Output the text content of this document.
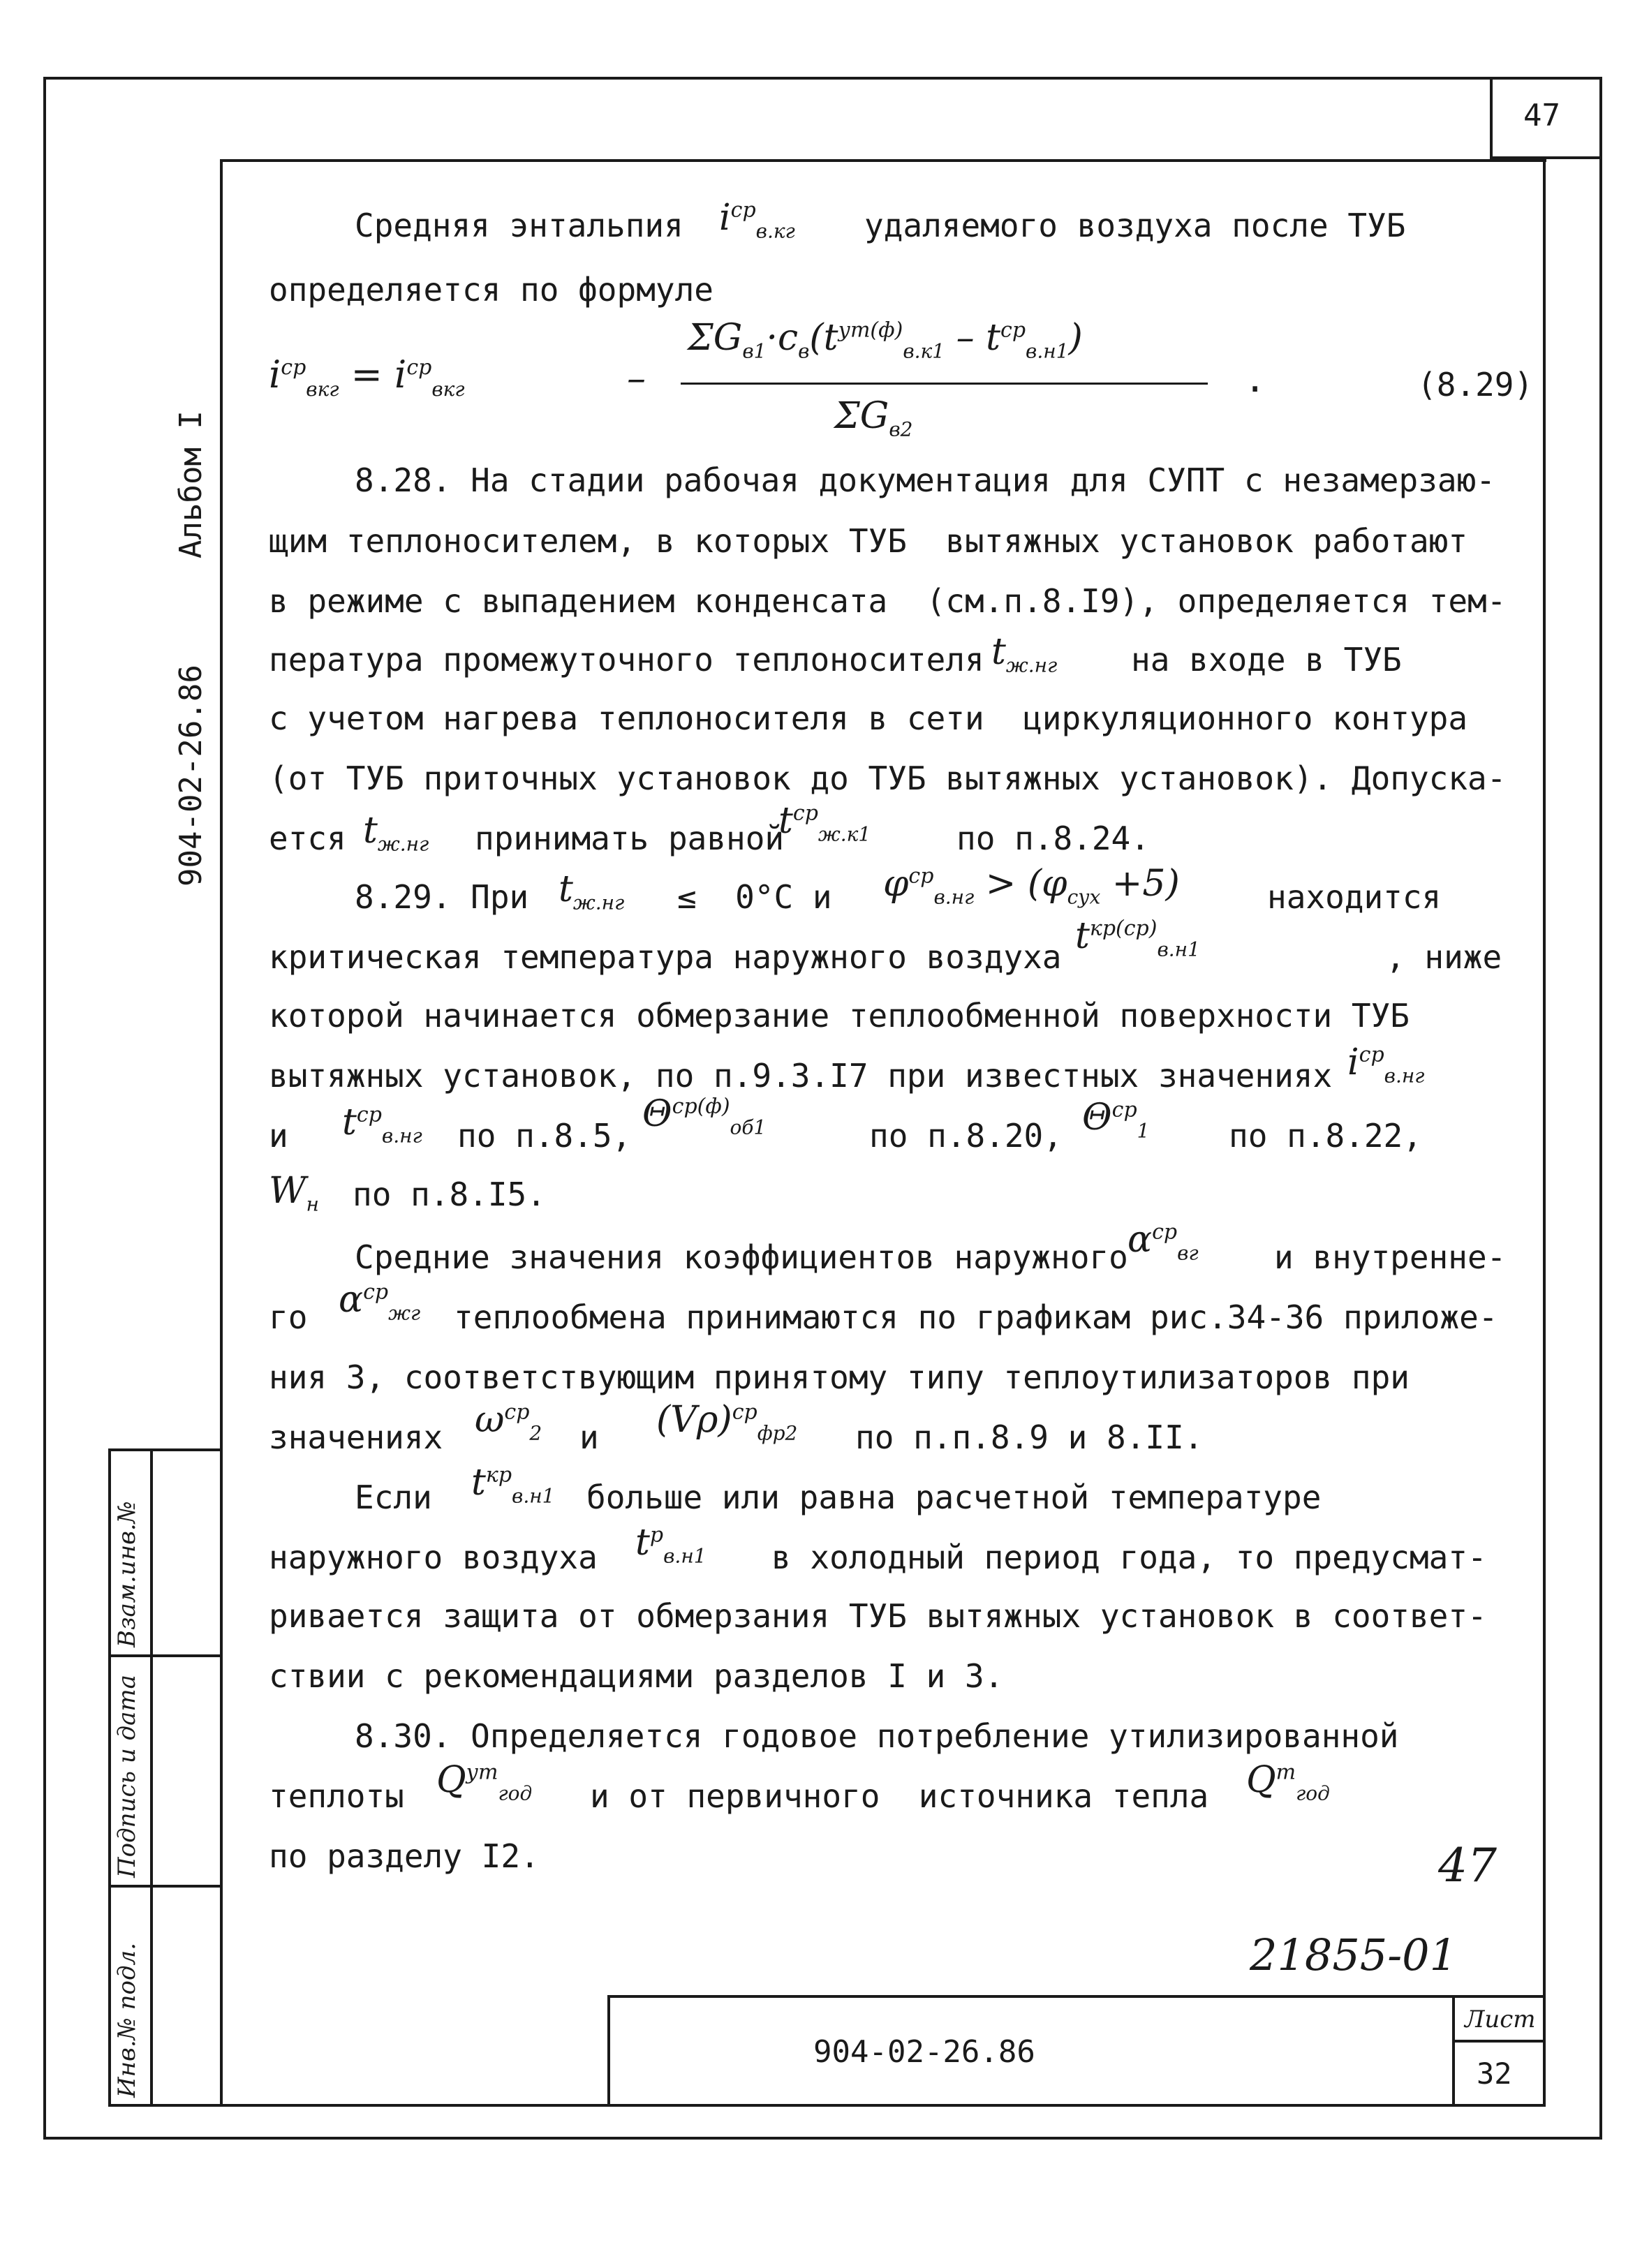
47
Альбом I
904-02-26.86
Инв.№ подл.
Подпись и дата
Взам.инв.№
Средняя энтальпия $i^{ср}_{в.кг}$ удаляемого воздуха после ТУБ
определяется по формуле
$i^{ср}_{вкг} = i^{ср}_{вкг}$	–
$\Sigma G_{в1}\cdot c_в(t^{ут(ф)}_{в.к1} - t^{ср}_{в.н1})$
$\Sigma G_{в2}$
.	(8.29)
8.28. На стадии рабочая документация для СУПТ с незамерзаю-
щим теплоносителем, в которых ТУБ  вытяжных установок работают
в режиме с выпадением конденсата  (см.п.8.I9), определяется тем-
пература промежуточного теплоносителя $t_{ж.нг}$ на входе в ТУБ
с учетом нагрева теплоносителя в сети  циркуляционного контура
(от ТУБ приточных установок до ТУБ вытяжных установок). Допуска-
ется $t_{ж.нг}$ принимать равной
$t^{ср}_{ж.к1}$	по п.8.24.
8.29. При $t_{ж.нг} \le 0^\circ С$ и $\varphi^{ср}_{в.нг} > (\varphi_{сух} +5)$	находится
критическая температура наружного воздуха $t^{кр(ср)}_{в.н1}$	, ниже
которой начинается обмерзание теплообменной поверхности ТУБ
вытяжных установок, по п.9.3.I7 при известных значениях $i^{ср}_{в.нг}$
и $t^{ср}_{в.нг}$ по п.8.5,
$\Theta^{ср(ф)}_{об1}$	по п.8.20, $\Theta^{ср}_1$ по п.8.22,
$W_н$ по п.8.I5.
Средние значения коэффициентов наружного $\alpha^{ср}_{вг}$ и внутренне-
го $\alpha^{ср}_{жг}$ теплообмена принимаются по графикам рис.34-36 приложе-
ния 3, соответствующим принятому типу теплоутилизаторов при
значениях $\omega^{ср}_2$ и $(V\rho)^{ср}_{фр2}$ по п.п.8.9 и 8.II.
Если $t^{кр}_{в.н1}$ больше или равна расчетной температуре
наружного воздуха $t^р_{в.н1}$ в холодный период года, то предусмат-
ривается защита от обмерзания ТУБ вытяжных установок в соответ-
ствии с рекомендациями разделов I и 3.
8.30. Определяется годовое потребление утилизированной
теплоты $Q^{ут}_{год}$ и от первичного  источника тепла $Q^т_{год}$
по разделу I2.	47
21855-01
904-02-26.86
Лист
32
